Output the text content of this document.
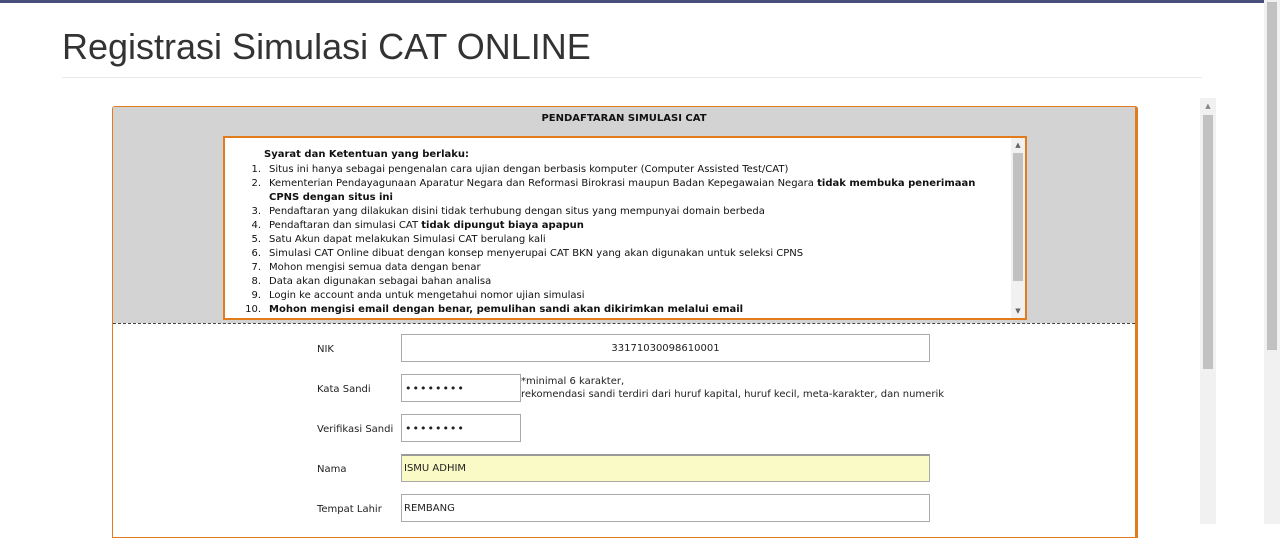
Registrasi Simulasi CAT ONLINE
PENDAFTARAN SIMULASI CAT
Syarat dan Ketentuan yang berlaku:
1. Situs ini hanya sebagai pengenalan cara ujian dengan berbasis komputer (Computer Assisted Test/CAT)
2. Kementerian Pendayagunaan Aparatur Negara dan Reformasi Birokrasi maupun Badan Kepegawaian Negara tidak membuka penerimaan CPNS dengan situs ini
3. Pendaftaran yang dilakukan disini tidak terhubung dengan situs yang mempunyai domain berbeda
4. Pendaftaran dan simulasi CAT tidak dipungut biaya apapun
5. Satu Akun dapat melakukan Simulasi CAT berulang kali
6. Simulasi CAT Online dibuat dengan konsep menyerupai CAT BKN yang akan digunakan untuk seleksi CPNS
7. Mohon mengisi semua data dengan benar
8. Data akan digunakan sebagai bahan analisa
9. Login ke account anda untuk mengetahui nomor ujian simulasi
10. Mohon mengisi email dengan benar, pemulihan sandi akan dikirimkan melalui email
▲
▼
NIK	33171030098610001
Kata Sandi	••••••••	*minimal 6 karakter,
rekomendasi sandi terdiri dari huruf kapital, huruf kecil, meta-karakter, dan numerik
Verifikasi Sandi	••••••••
Nama	ISMU ADHIM
Tempat Lahir	REMBANG
▲
